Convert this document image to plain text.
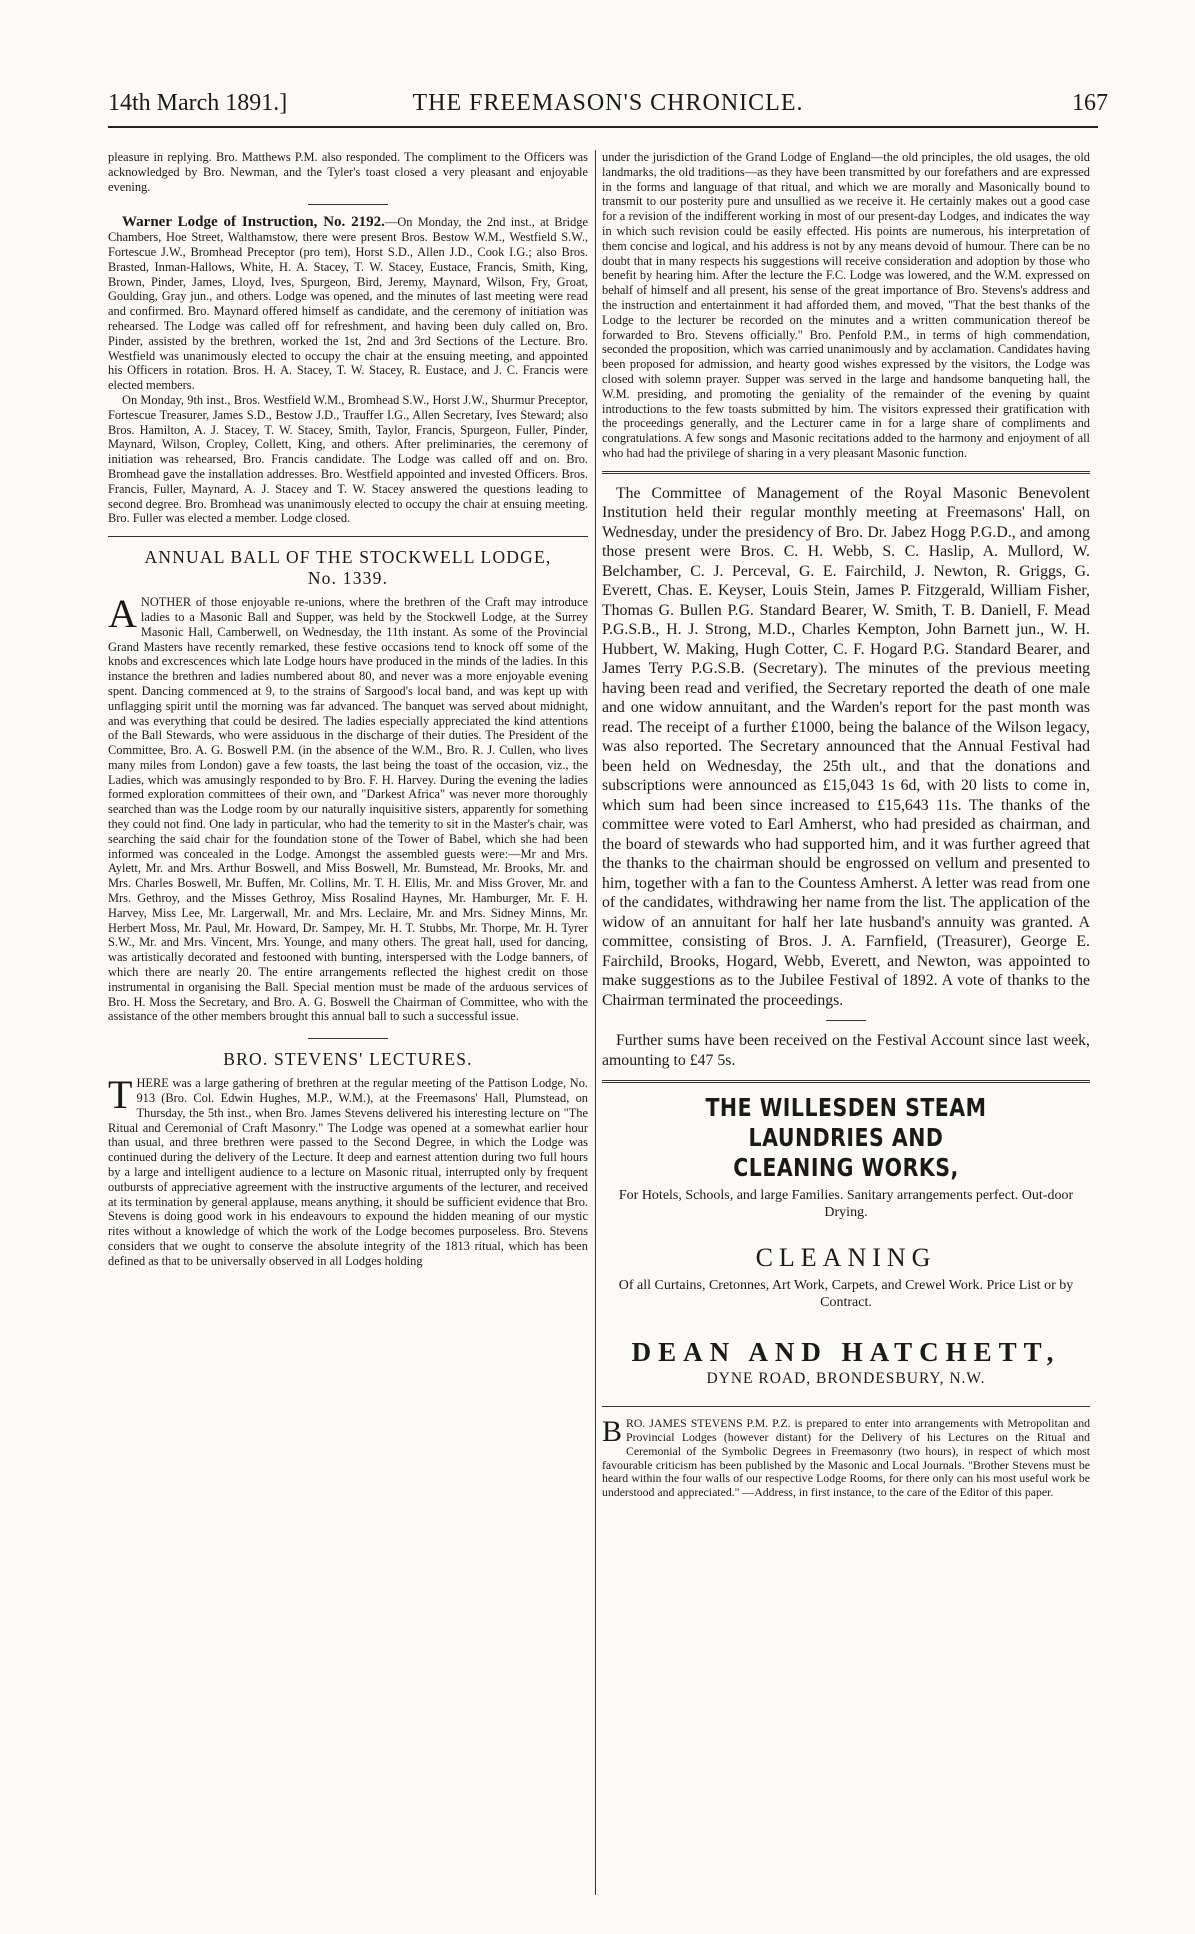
14th March 1891.]	THE FREEMASON'S CHRONICLE.	167

pleasure in replying. Bro. Matthews P.M. also responded. The compliment to the Officers was acknowledged by Bro. Newman, and the Tyler's toast closed a very pleasant and enjoyable evening.

Warner Lodge of Instruction, No. 2192.—On Monday, the 2nd inst., at Bridge Chambers, Hoe Street, Walthamstow, there were present Bros. Bestow W.M., Westfield S.W., Fortescue J.W., Bromhead Preceptor (pro tem), Horst S.D., Allen J.D., Cook I.G.; also Bros. Brasted, Inman-Hallows, White, H. A. Stacey, T. W. Stacey, Eustace, Francis, Smith, King, Brown, Pinder, James, Lloyd, Ives, Spurgeon, Bird, Jeremy, Maynard, Wilson, Fry, Groat, Goulding, Gray jun., and others. Lodge was opened, and the minutes of last meeting were read and confirmed. Bro. Maynard offered himself as candidate, and the ceremony of initiation was rehearsed. The Lodge was called off for refreshment, and having been duly called on, Bro. Pinder, assisted by the brethren, worked the 1st, 2nd and 3rd Sections of the Lecture. Bro. Westfield was unanimously elected to occupy the chair at the ensuing meeting, and appointed his Officers in rotation. Bros. H. A. Stacey, T. W. Stacey, R. Eustace, and J. C. Francis were elected members.

On Monday, 9th inst., Bros. Westfield W.M., Bromhead S.W., Horst J.W., Shurmur Preceptor, Fortescue Treasurer, James S.D., Bestow J.D., Trauffer I.G., Allen Secretary, Ives Steward; also Bros. Hamilton, A. J. Stacey, T. W. Stacey, Smith, Taylor, Francis, Spurgeon, Fuller, Pinder, Maynard, Wilson, Cropley, Collett, King, and others. After preliminaries, the ceremony of initiation was rehearsed, Bro. Francis candidate. The Lodge was called off and on. Bro. Bromhead gave the installation addresses. Bro. Westfield appointed and invested Officers. Bros. Francis, Fuller, Maynard, A. J. Stacey and T. W. Stacey answered the questions leading to second degree. Bro. Bromhead was unanimously elected to occupy the chair at ensuing meeting. Bro. Fuller was elected a member. Lodge closed.

ANNUAL BALL OF THE STOCKWELL LODGE,
No. 1339.

ANOTHER of those enjoyable re-unions, where the brethren of the Craft may introduce ladies to a Masonic Ball and Supper, was held by the Stockwell Lodge, at the Surrey Masonic Hall, Camberwell, on Wednesday, the 11th instant. As some of the Provincial Grand Masters have recently remarked, these festive occasions tend to knock off some of the knobs and excrescences which late Lodge hours have produced in the minds of the ladies. In this instance the brethren and ladies numbered about 80, and never was a more enjoyable evening spent. Dancing commenced at 9, to the strains of Sargood's local band, and was kept up with unflagging spirit until the morning was far advanced. The banquet was served about midnight, and was everything that could be desired. The ladies especially appreciated the kind attentions of the Ball Stewards, who were assiduous in the discharge of their duties. The President of the Committee, Bro. A. G. Boswell P.M. (in the absence of the W.M., Bro. R. J. Cullen, who lives many miles from London) gave a few toasts, the last being the toast of the occasion, viz., the Ladies, which was amusingly responded to by Bro. F. H. Harvey. During the evening the ladies formed exploration committees of their own, and "Darkest Africa" was never more thoroughly searched than was the Lodge room by our naturally inquisitive sisters, apparently for something they could not find. One lady in particular, who had the temerity to sit in the Master's chair, was searching the said chair for the foundation stone of the Tower of Babel, which she had been informed was concealed in the Lodge. Amongst the assembled guests were:—Mr and Mrs. Aylett, Mr. and Mrs. Arthur Boswell, and Miss Boswell, Mr. Bumstead, Mr. Brooks, Mr. and Mrs. Charles Boswell, Mr. Buffen, Mr. Collins, Mr. T. H. Ellis, Mr. and Miss Grover, Mr. and Mrs. Gethroy, and the Misses Gethroy, Miss Rosalind Haynes, Mr. Hamburger, Mr. F. H. Harvey, Miss Lee, Mr. Largerwall, Mr. and Mrs. Leclaire, Mr. and Mrs. Sidney Minns, Mr. Herbert Moss, Mr. Paul, Mr. Howard, Dr. Sampey, Mr. H. T. Stubbs, Mr. Thorpe, Mr. H. Tyrer S.W., Mr. and Mrs. Vincent, Mrs. Younge, and many others. The great hall, used for dancing, was artistically decorated and festooned with bunting, interspersed with the Lodge banners, of which there are nearly 20. The entire arrangements reflected the highest credit on those instrumental in organising the Ball. Special mention must be made of the arduous services of Bro. H. Moss the Secretary, and Bro. A. G. Boswell the Chairman of Committee, who with the assistance of the other members brought this annual ball to such a successful issue.

BRO. STEVENS' LECTURES.

THERE was a large gathering of brethren at the regular meeting of the Pattison Lodge, No. 913 (Bro. Col. Edwin Hughes, M.P., W.M.), at the Freemasons' Hall, Plumstead, on Thursday, the 5th inst., when Bro. James Stevens delivered his interesting lecture on "The Ritual and Ceremonial of Craft Masonry." The Lodge was opened at a somewhat earlier hour than usual, and three brethren were passed to the Second Degree, in which the Lodge was continued during the delivery of the Lecture. It deep and earnest attention during two full hours by a large and intelligent audience to a lecture on Masonic ritual, interrupted only by frequent outbursts of appreciative agreement with the instructive arguments of the lecturer, and received at its termination by general applause, means anything, it should be sufficient evidence that Bro. Stevens is doing good work in his endeavours to expound the hidden meaning of our mystic rites without a knowledge of which the work of the Lodge becomes purposeless. Bro. Stevens considers that we ought to conserve the absolute integrity of the 1813 ritual, which has been defined as that to be universally observed in all Lodges holding

under the jurisdiction of the Grand Lodge of England—the old principles, the old usages, the old landmarks, the old traditions—as they have been transmitted by our forefathers and are expressed in the forms and language of that ritual, and which we are morally and Masonically bound to transmit to our posterity pure and unsullied as we receive it. He certainly makes out a good case for a revision of the indifferent working in most of our present-day Lodges, and indicates the way in which such revision could be easily effected. His points are numerous, his interpretation of them concise and logical, and his address is not by any means devoid of humour. There can be no doubt that in many respects his suggestions will receive consideration and adoption by those who benefit by hearing him. After the lecture the F.C. Lodge was lowered, and the W.M. expressed on behalf of himself and all present, his sense of the great importance of Bro. Stevens's address and the instruction and entertainment it had afforded them, and moved, "That the best thanks of the Lodge to the lecturer be recorded on the minutes and a written communication thereof be forwarded to Bro. Stevens officially." Bro. Penfold P.M., in terms of high commendation, seconded the proposition, which was carried unanimously and by acclamation. Candidates having been proposed for admission, and hearty good wishes expressed by the visitors, the Lodge was closed with solemn prayer. Supper was served in the large and handsome banqueting hall, the W.M. presiding, and promoting the geniality of the remainder of the evening by quaint introductions to the few toasts submitted by him. The visitors expressed their gratification with the proceedings generally, and the Lecturer came in for a large share of compliments and congratulations. A few songs and Masonic recitations added to the harmony and enjoyment of all who had had the privilege of sharing in a very pleasant Masonic function.

The Committee of Management of the Royal Masonic Benevolent Institution held their regular monthly meeting at Freemasons' Hall, on Wednesday, under the presidency of Bro. Dr. Jabez Hogg P.G.D., and among those present were Bros. C. H. Webb, S. C. Haslip, A. Mullord, W. Belchamber, C. J. Perceval, G. E. Fairchild, J. Newton, R. Griggs, G. Everett, Chas. E. Keyser, Louis Stein, James P. Fitzgerald, William Fisher, Thomas G. Bullen P.G. Standard Bearer, W. Smith, T. B. Daniell, F. Mead P.G.S.B., H. J. Strong, M.D., Charles Kempton, John Barnett jun., W. H. Hubbert, W. Making, Hugh Cotter, C. F. Hogard P.G. Standard Bearer, and James Terry P.G.S.B. (Secretary). The minutes of the previous meeting having been read and verified, the Secretary reported the death of one male and one widow annuitant, and the Warden's report for the past month was read. The receipt of a further £1000, being the balance of the Wilson legacy, was also reported. The Secretary announced that the Annual Festival had been held on Wednesday, the 25th ult., and that the donations and subscriptions were announced as £15,043 1s 6d, with 20 lists to come in, which sum had been since increased to £15,643 11s. The thanks of the committee were voted to Earl Amherst, who had presided as chairman, and the board of stewards who had supported him, and it was further agreed that the thanks to the chairman should be engrossed on vellum and presented to him, together with a fan to the Countess Amherst. A letter was read from one of the candidates, withdrawing her name from the list. The application of the widow of an annuitant for half her late husband's annuity was granted. A committee, consisting of Bros. J. A. Farnfield, (Treasurer), George E. Fairchild, Brooks, Hogard, Webb, Everett, and Newton, was appointed to make suggestions as to the Jubilee Festival of 1892. A vote of thanks to the Chairman terminated the proceedings.

Further sums have been received on the Festival Account since last week, amounting to £47 5s.

THE WILLESDEN STEAM LAUNDRIES AND
CLEANING WORKS,
For Hotels, Schools, and large Families. Sanitary arrangements perfect. Out-door Drying.
CLEANING
Of all Curtains, Cretonnes, Art Work, Carpets, and Crewel Work. Price List or by Contract.
DEAN AND HATCHETT,
DYNE ROAD, BRONDESBURY, N.W.

BRO. JAMES STEVENS P.M. P.Z. is prepared to enter into arrangements with Metropolitan and Provincial Lodges (however distant) for the Delivery of his Lectures on the Ritual and Ceremonial of the Symbolic Degrees in Freemasonry (two hours), in respect of which most favourable criticism has been published by the Masonic and Local Journals. "Brother Stevens must be heard within the four walls of our respective Lodge Rooms, for there only can his most useful work be understood and appreciated." —Address, in first instance, to the care of the Editor of this paper.
